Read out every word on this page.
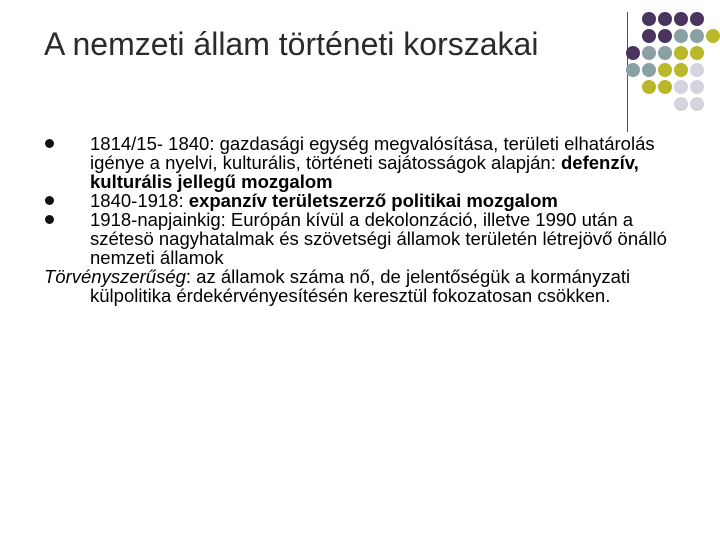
A nemzeti állam történeti korszakai

1814/15- 1840: gazdasági egység megvalósítása, területi elhatárolás igénye a nyelvi, kulturális, történeti sajátosságok alapján: defenzív, kulturális jellegű mozgalom

1840-1918: expanzív területszerző politikai mozgalom

1918-napjainkig: Európán kívül a dekolonzáció, illetve 1990 után a szétesö nagyhatalmak és szövetségi államok területén létrejövő önálló nemzeti államok

Törvényszerűség: az államok száma nő, de jelentőségük a kormányzati külpolitika érdekérvényesítésén keresztül fokozatosan csökken.
